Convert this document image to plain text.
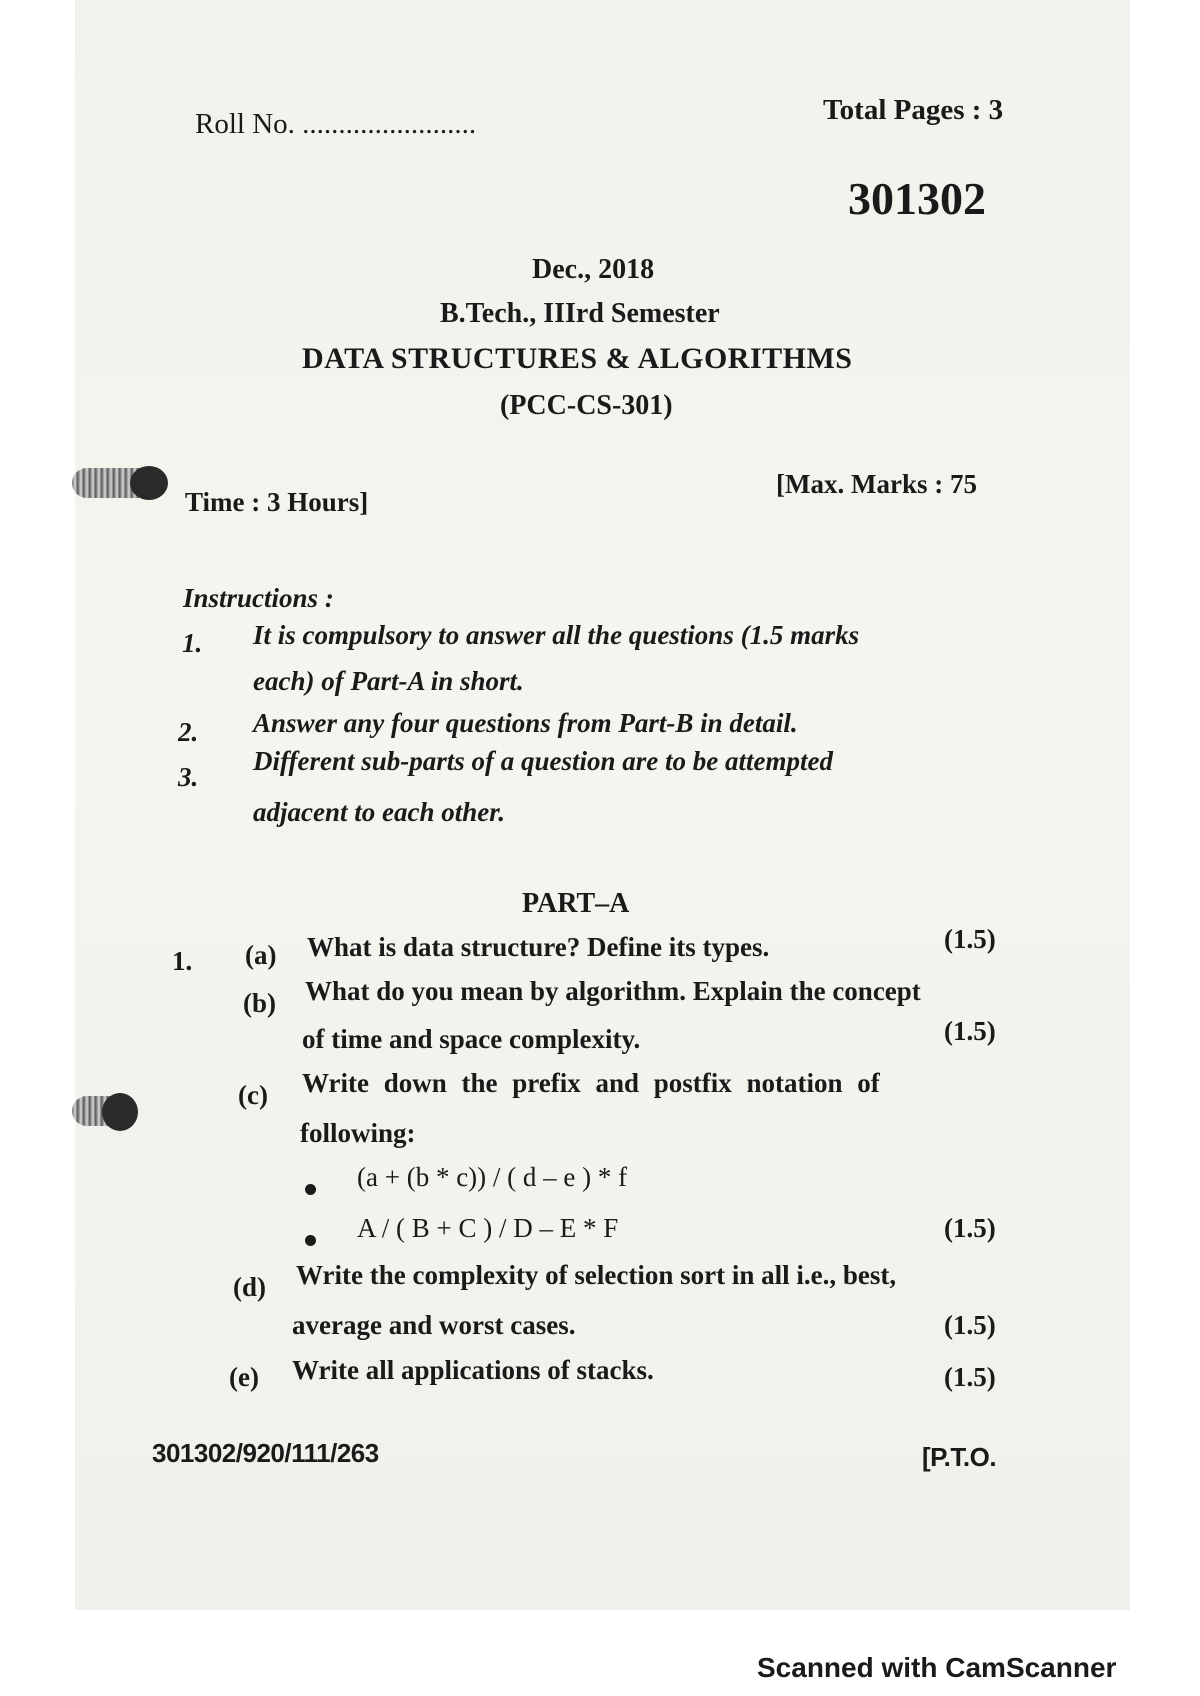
Roll No. ........................	Total Pages : 3
301302
Dec., 2018
B.Tech., IIIrd Semester
DATA STRUCTURES & ALGORITHMS
(PCC-CS-301)
Time : 3 Hours]
[Max. Marks : 75
Instructions :
1. It is compulsory to answer all the questions (1.5 marks
each) of Part-A in short.
2. Answer any four questions from Part-B in detail.
3.
Different sub-parts of a question are to be attempted
adjacent to each other.
PART–A
1. (a) What is data structure? Define its types.	(1.5)
(b) What do you mean by algorithm. Explain the concept
of time and space complexity.	(1.5)
(c) Write down the prefix and postfix notation of
following:
(a + (b * c)) / ( d – e ) * f
A / ( B + C ) / D – E * F	(1.5)
(d) Write the complexity of selection sort in all i.e., best,
average and worst cases.	(1.5)
(e) Write all applications of stacks.	(1.5)
301302/920/111/263	[P.T.O.
Scanned with CamScanner
